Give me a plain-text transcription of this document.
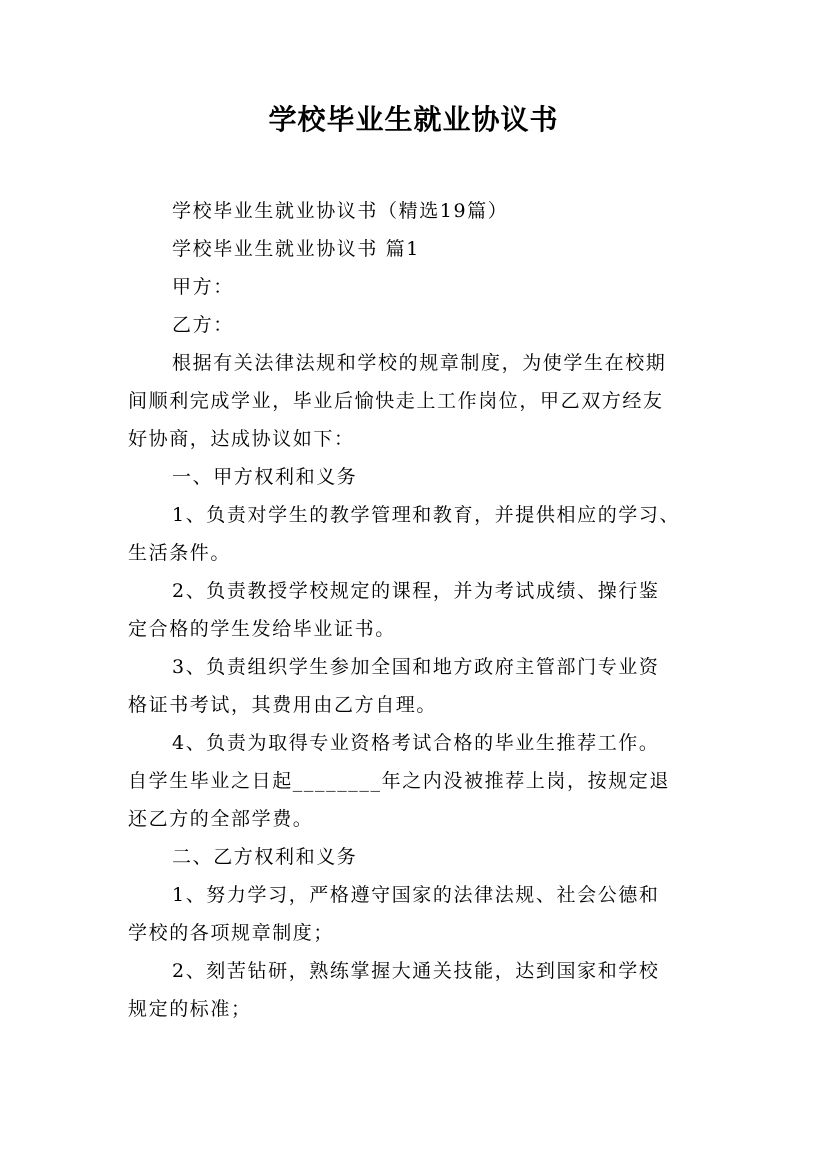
学校毕业生就业协议书
学校毕业生就业协议书（精选19篇）
学校毕业生就业协议书 篇1
甲方：
乙方：
根据有关法律法规和学校的规章制度，为使学生在校期
间顺利完成学业，毕业后愉快走上工作岗位，甲乙双方经友
好协商，达成协议如下：
一、甲方权利和义务
1、负责对学生的教学管理和教育，并提供相应的学习、
生活条件。
2、负责教授学校规定的课程，并为考试成绩、操行鉴
定合格的学生发给毕业证书。
3、负责组织学生参加全国和地方政府主管部门专业资
格证书考试，其费用由乙方自理。
4、负责为取得专业资格考试合格的毕业生推荐工作。
自学生毕业之日起________年之内没被推荐上岗，按规定退
还乙方的全部学费。
二、乙方权利和义务
1、努力学习，严格遵守国家的法律法规、社会公德和
学校的各项规章制度；
2、刻苦钻研，熟练掌握大通关技能，达到国家和学校
规定的标准；
